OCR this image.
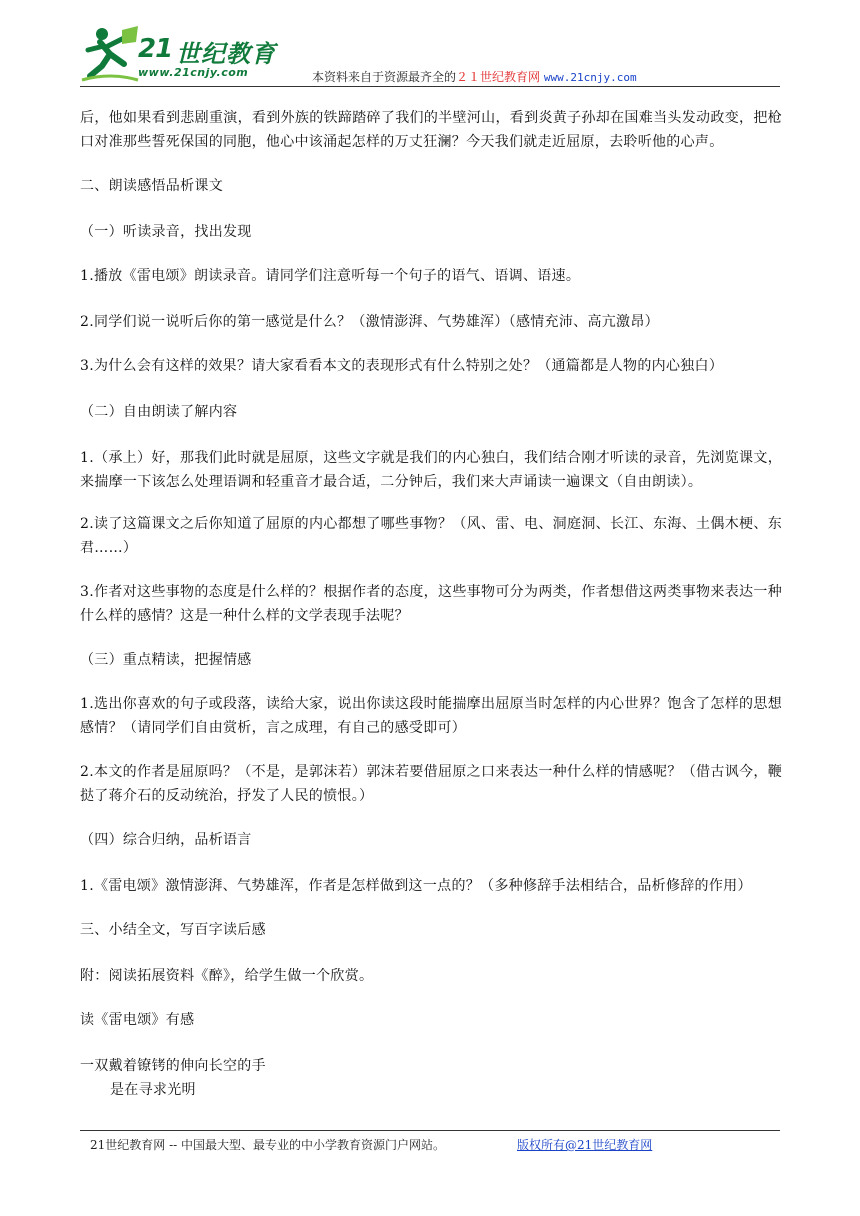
21 世纪教育
www.21cnjy.com	本资料来自于资源最齐全的２１世纪教育网 www.21cnjy.com
后，他如果看到悲剧重演，看到外族的铁蹄踏碎了我们的半壁河山，看到炎黄子孙却在国难当头发动政变，把枪口对准那些誓死保国的同胞，他心中该涌起怎样的万丈狂澜？今天我们就走近屈原，去聆听他的心声。
二、朗读感悟品析课文
（一）听读录音，找出发现
1.播放《雷电颂》朗读录音。请同学们注意听每一个句子的语气、语调、语速。
2.同学们说一说听后你的第一感觉是什么？（激情澎湃、气势雄浑）（感情充沛、高亢激昂）
3.为什么会有这样的效果？请大家看看本文的表现形式有什么特别之处？（通篇都是人物的内心独白）
（二）自由朗读了解内容
1.（承上）好，那我们此时就是屈原，这些文字就是我们的内心独白，我们结合刚才听读的录音，先浏览课文，来揣摩一下该怎么处理语调和轻重音才最合适，二分钟后，我们来大声诵读一遍课文（自由朗读）。
2.读了这篇课文之后你知道了屈原的内心都想了哪些事物？（风、雷、电、洞庭洞、长江、东海、土偶木梗、东君……）
3.作者对这些事物的态度是什么样的？根据作者的态度，这些事物可分为两类，作者想借这两类事物来表达一种什么样的感情？这是一种什么样的文学表现手法呢？
（三）重点精读，把握情感
1.选出你喜欢的句子或段落，读给大家，说出你读这段时能揣摩出屈原当时怎样的内心世界？饱含了怎样的思想感情？（请同学们自由赏析，言之成理，有自己的感受即可）
2.本文的作者是屈原吗？（不是，是郭沫若）郭沫若要借屈原之口来表达一种什么样的情感呢？（借古讽今，鞭挞了蒋介石的反动统治，抒发了人民的愤恨。）
（四）综合归纳，品析语言
1.《雷电颂》激情澎湃、气势雄浑，作者是怎样做到这一点的？（多种修辞手法相结合，品析修辞的作用）
三、小结全文，写百字读后感
附：阅读拓展资料《醉》，给学生做一个欣赏。
读《雷电颂》有感
一双戴着镣铐的伸向长空的手
是在寻求光明
21世纪教育网 -- 中国最大型、最专业的中小学教育资源门户网站。	版权所有@21世纪教育网
